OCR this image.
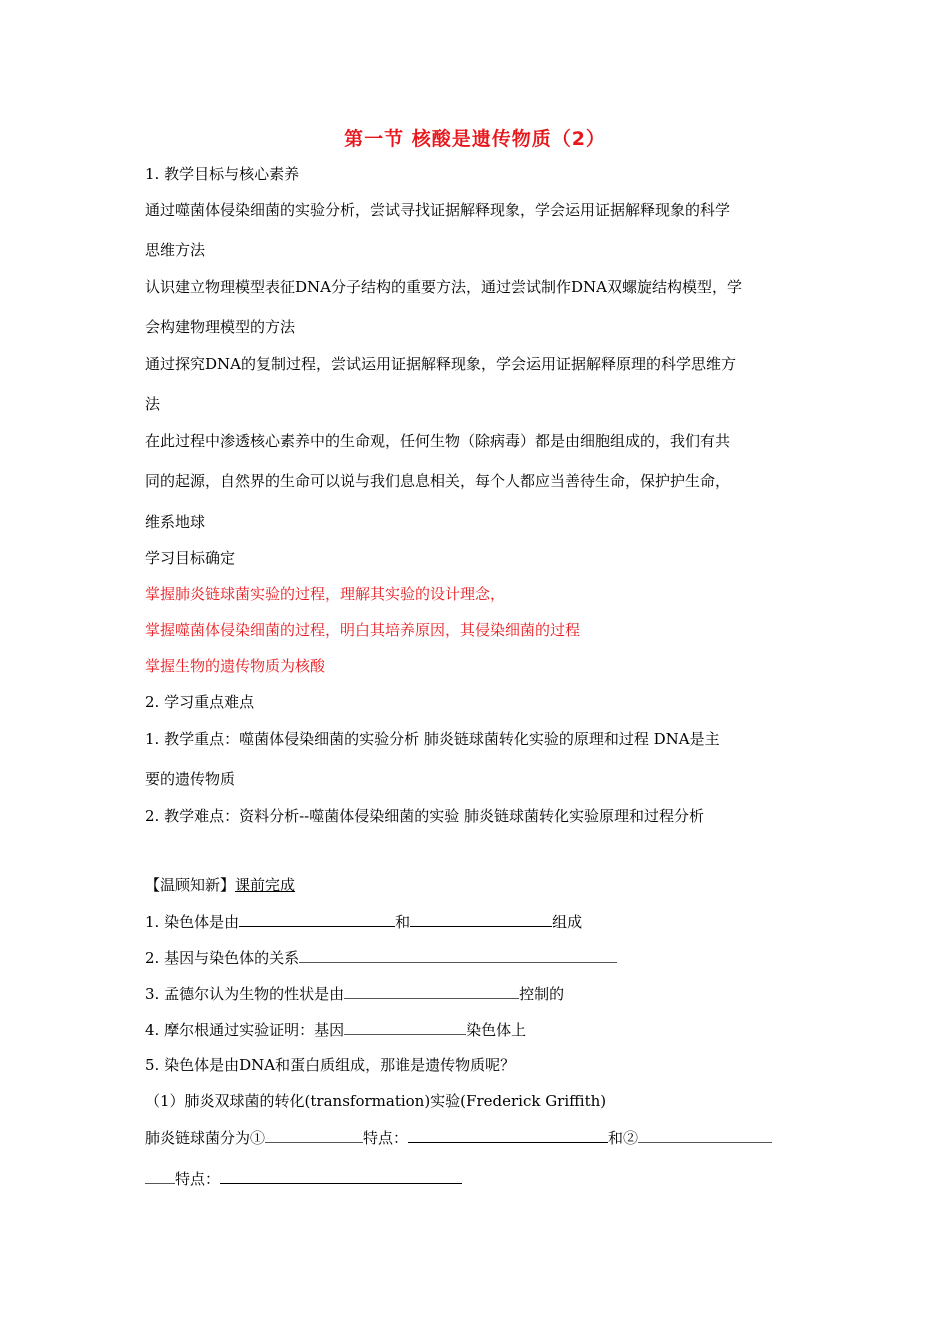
第一节 核酸是遗传物质（2）
1. 教学目标与核心素养
通过噬菌体侵染细菌的实验分析，尝试寻找证据解释现象，学会运用证据解释现象的科学
思维方法
认识建立物理模型表征DNA分子结构的重要方法，通过尝试制作DNA双螺旋结构模型，学
会构建物理模型的方法
通过探究DNA的复制过程，尝试运用证据解释现象，学会运用证据解释原理的科学思维方
法
在此过程中渗透核心素养中的生命观，任何生物（除病毒）都是由细胞组成的，我们有共
同的起源，自然界的生命可以说与我们息息相关，每个人都应当善待生命，保护护生命，
维系地球
学习目标确定
掌握肺炎链球菌实验的过程，理解其实验的设计理念，
掌握噬菌体侵染细菌的过程，明白其培养原因，其侵染细菌的过程
掌握生物的遗传物质为核酸
2. 学习重点难点
1. 教学重点：噬菌体侵染细菌的实验分析 肺炎链球菌转化实验的原理和过程 DNA是主
要的遗传物质
2. 教学难点：资料分析--噬菌体侵染细菌的实验 肺炎链球菌转化实验原理和过程分析
【温顾知新】课前完成
1. 染色体是由	和	组成
2. 基因与染色体的关系
3. 孟德尔认为生物的性状是由	控制的
4. 摩尔根通过实验证明：基因	染色体上
5. 染色体是由DNA和蛋白质组成，那谁是遗传物质呢？
（1）肺炎双球菌的转化(transformation)实验(Frederick Griffith)
肺炎链球菌分为①	特点：	和②
特点：
